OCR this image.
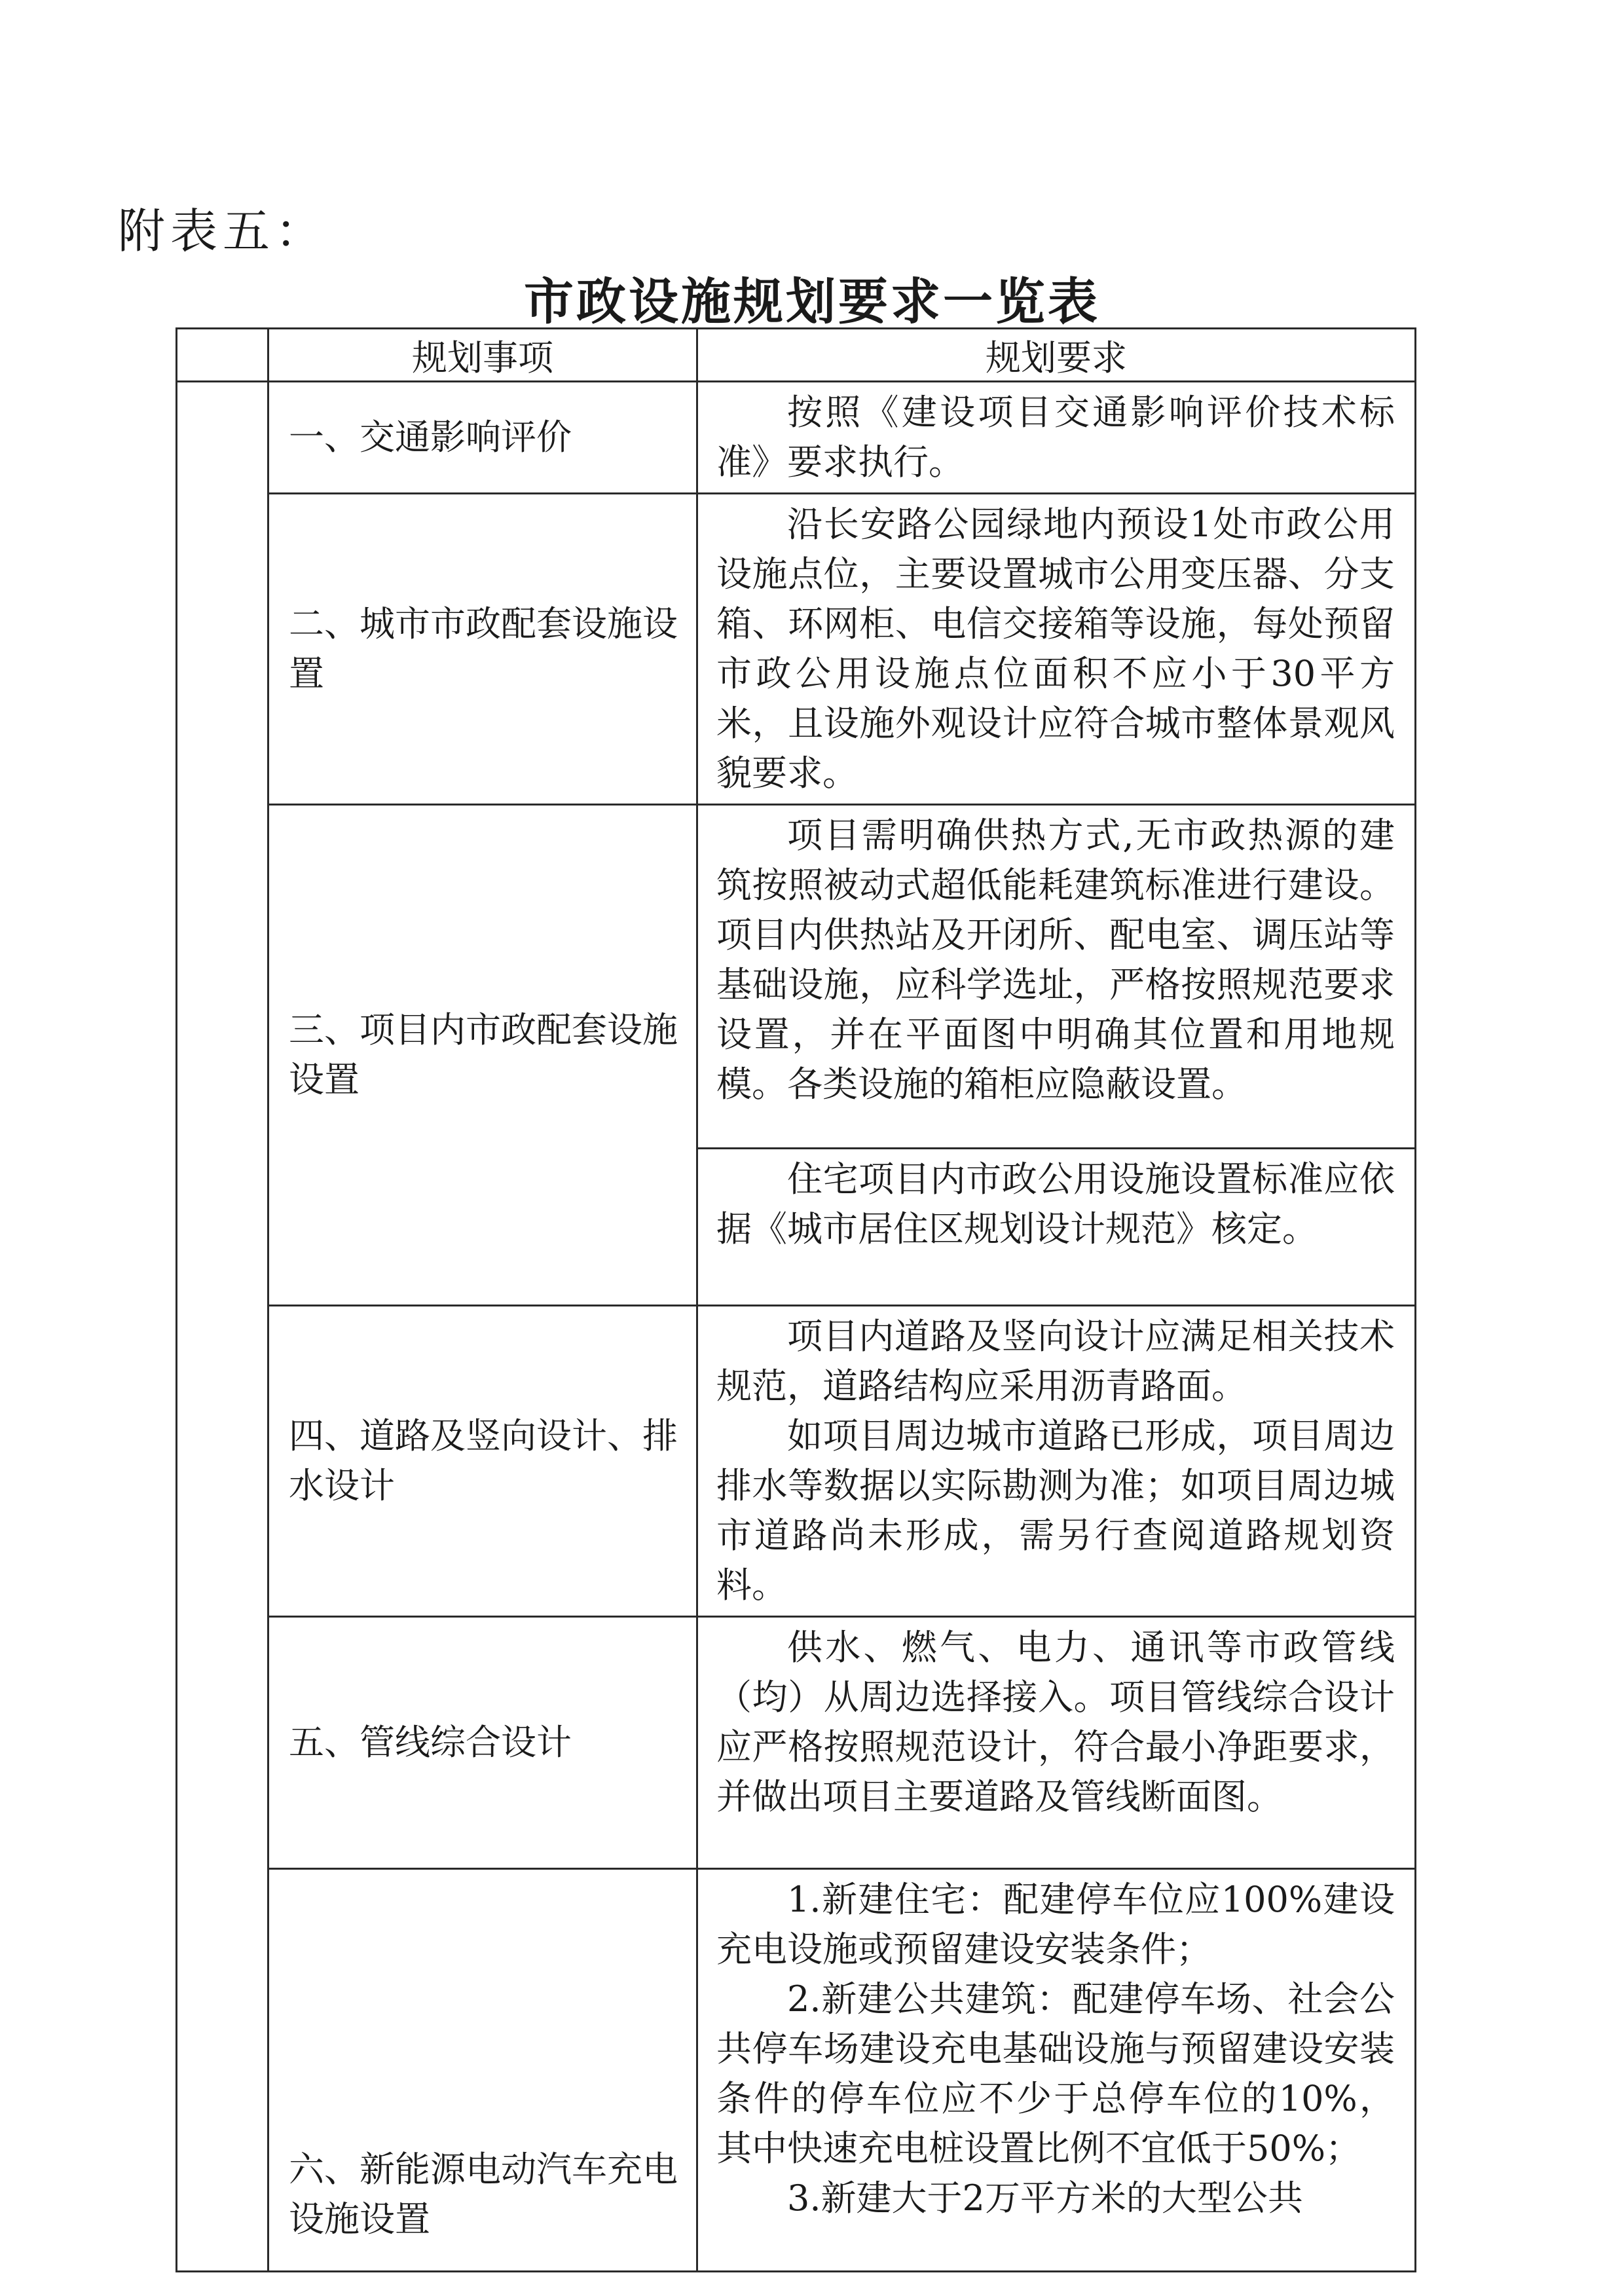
附表五：
市政设施规划要求一览表
	规划事项	规划要求
	一、交通影响评价	按照《建设项目交通影响评价技术标准》要求执行。

	二、城市市政配套设施设置	沿长安路公园绿地内预设1处市政公用设施点位，主要设置城市公用变压器、分支箱、环网柜、电信交接箱等设施，每处预留市政公用设施点位面积不应小于30平方米，且设施外观设计应符合城市整体景观风貌要求。

	三、项目内市政配套设施设置	项目需明确供热方式,无市政热源的建筑按照被动式超低能耗建筑标准进行建设。项目内供热站及开闭所、配电室、调压站等基础设施，应科学选址，严格按照规范要求设置，并在平面图中明确其位置和用地规模。各类设施的箱柜应隐蔽设置。

		住宅项目内市政公用设施设置标准应依据《城市居住区规划设计规范》核定。

	四、道路及竖向设计、排水设计	项目内道路及竖向设计应满足相关技术规范，道路结构应采用沥青路面。

如项目周边城市道路已形成，项目周边排水等数据以实际勘测为准；如项目周边城市道路尚未形成，需另行查阅道路规划资料。

	五、管线综合设计	供水、燃气、电力、通讯等市政管线（均）从周边选择接入。项目管线综合设计应严格按照规范设计，符合最小净距要求，并做出项目主要道路及管线断面图。

	六、新能源电动汽车充电设施设置	1.新建住宅：配建停车位应100%建设充电设施或预留建设安装条件；

2.新建公共建筑：配建停车场、社会公共停车场建设充电基础设施与预留建设安装条件的停车位应不少于总停车位的10%，其中快速充电桩设置比例不宜低于50%；

3.新建大于2万平方米的大型公共
